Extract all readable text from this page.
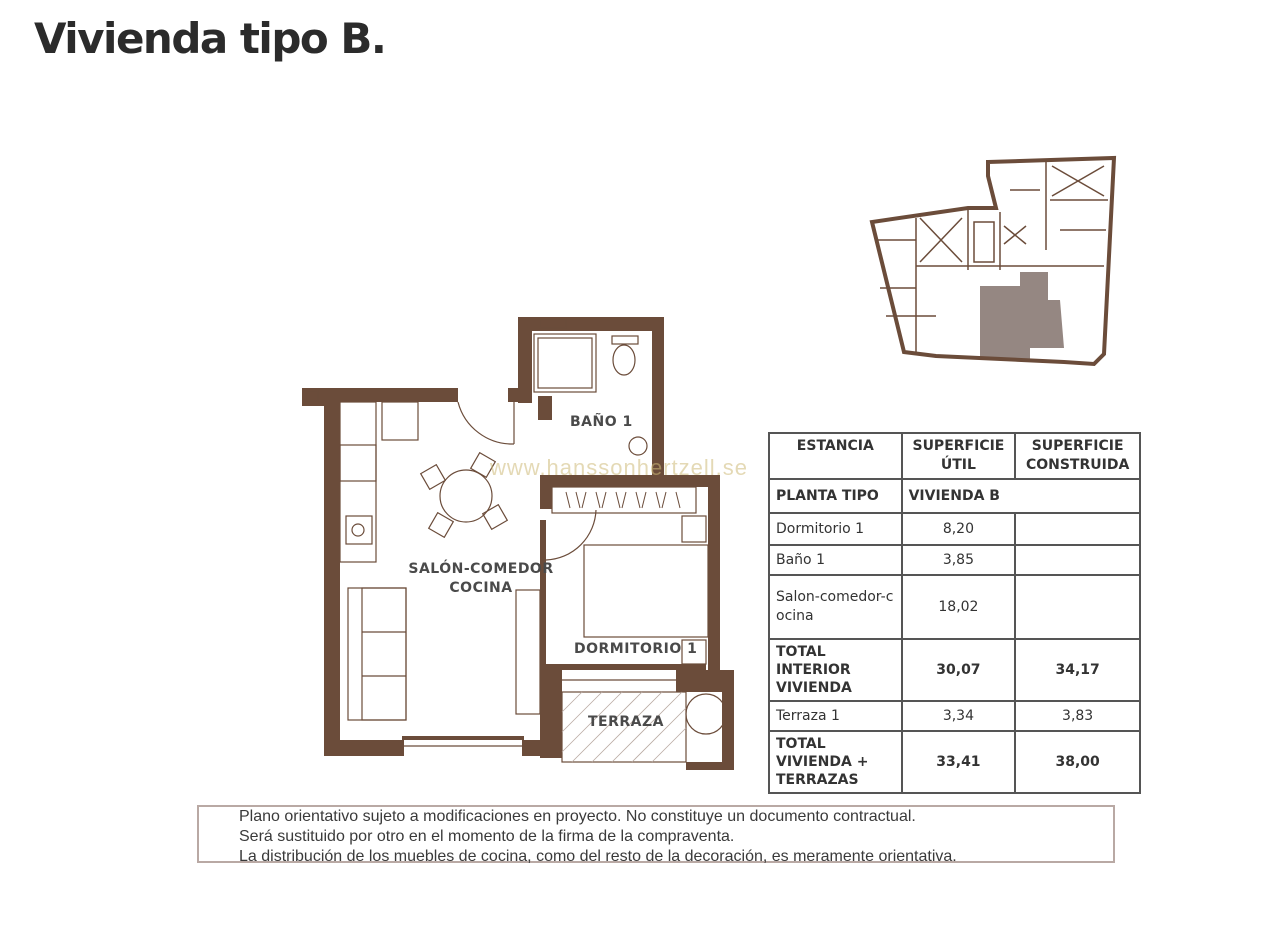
Vivienda tipo B.
BAÑO 1
SALÓN-COMEDOR
COCINA
DORMITORIO 1
TERRAZA
www.hanssonhertzell.se
ESTANCIA	SUPERFICIE ÚTIL	SUPERFICIE CONSTRUIDA
PLANTA TIPO	VIVIENDA B	
Dormitorio 1	8,20	
Baño 1	3,85	
Salon-comedor-cocina	18,02	
TOTAL INTERIOR VIVIENDA	30,07	34,17
Terraza 1	3,34	3,83
TOTAL VIVIENDA + TERRAZAS	33,41	38,00
Plano orientativo sujeto a modificaciones en proyecto. No constituye un documento contractual.
Será sustituido por otro en el momento de la firma de la compraventa.
La distribución de los muebles de cocina, como del resto de la decoración, es meramente orientativa.
